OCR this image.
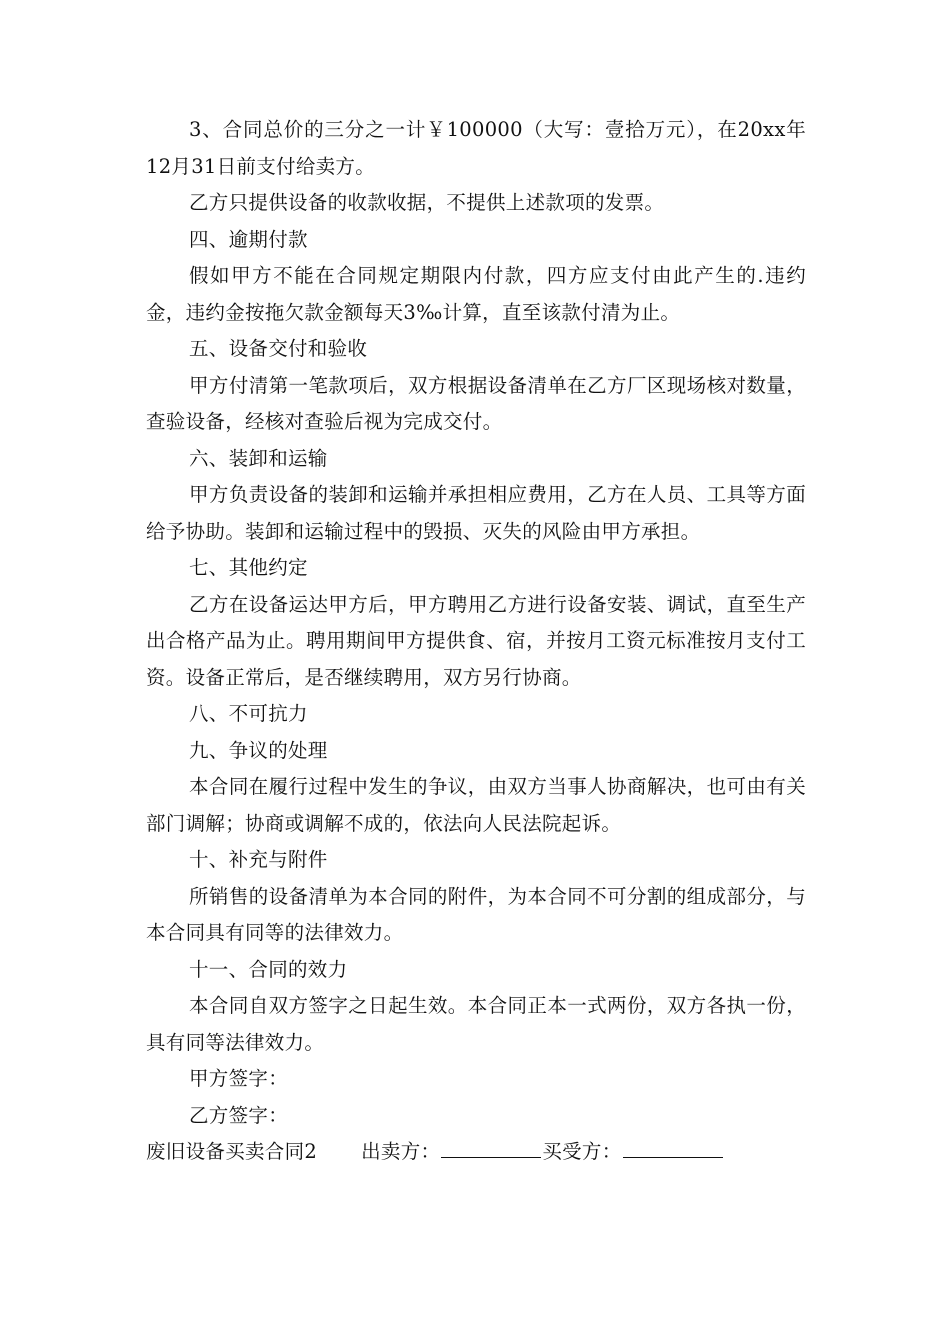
3、合同总价的三分之一计￥100000（大写：壹拾万元），在20xx年12月31日前支付给卖方。

乙方只提供设备的收款收据，不提供上述款项的发票。

四、逾期付款

假如甲方不能在合同规定期限内付款，四方应支付由此产生的.违约金，违约金按拖欠款金额每天3‰计算，直至该款付清为止。

五、设备交付和验收

甲方付清第一笔款项后，双方根据设备清单在乙方厂区现场核对数量，查验设备，经核对查验后视为完成交付。

六、装卸和运输

甲方负责设备的装卸和运输并承担相应费用，乙方在人员、工具等方面给予协助。装卸和运输过程中的毁损、灭失的风险由甲方承担。

七、其他约定

乙方在设备运达甲方后，甲方聘用乙方进行设备安装、调试，直至生产出合格产品为止。聘用期间甲方提供食、宿，并按月工资元标准按月支付工资。设备正常后，是否继续聘用，双方另行协商。

八、不可抗力

九、争议的处理

本合同在履行过程中发生的争议，由双方当事人协商解决，也可由有关部门调解；协商或调解不成的，依法向人民法院起诉。

十、补充与附件

所销售的设备清单为本合同的附件，为本合同不可分割的组成部分，与本合同具有同等的法律效力。

十一、合同的效力

本合同自双方签字之日起生效。本合同正本一式两份，双方各执一份，具有同等法律效力。

甲方签字：

乙方签字：

废旧设备买卖合同2 出卖方：	买受方：
